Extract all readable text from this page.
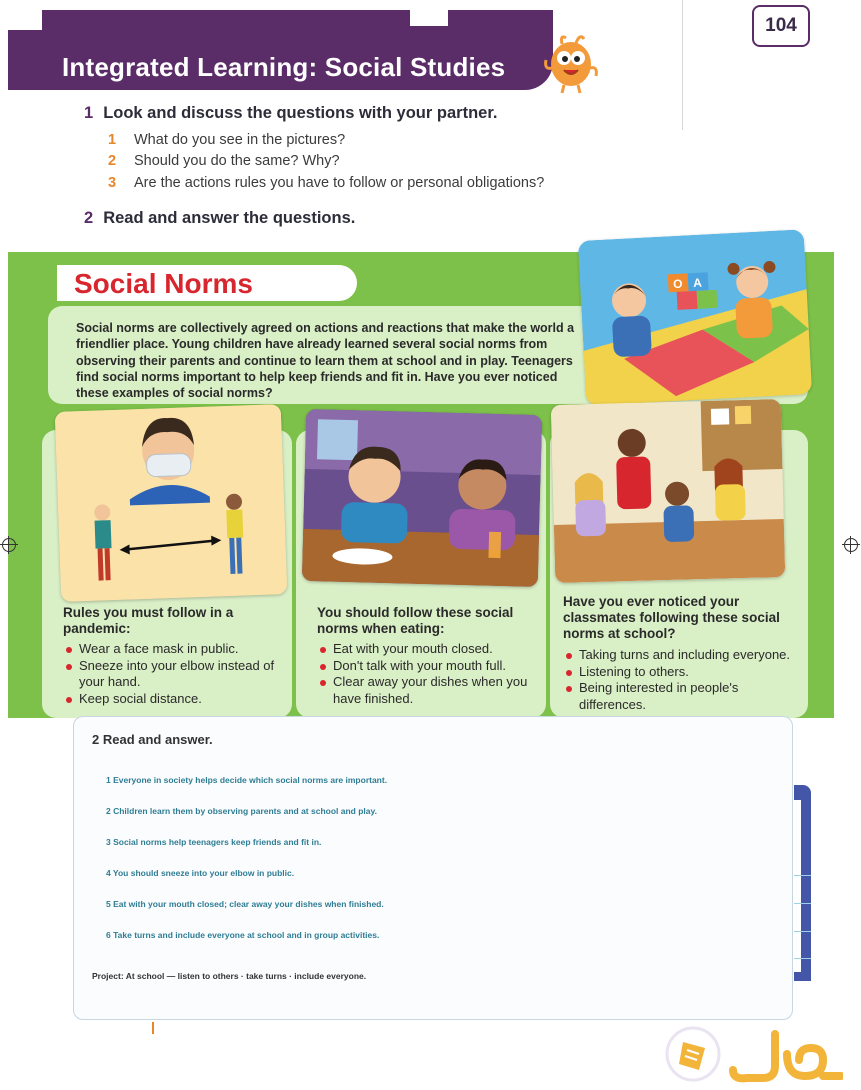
Integrated Learning: Social Studies
104
1 Look and discuss the questions with your partner.
1 What do you see in the pictures?
2 Should you do the same? Why?
3 Are the actions rules you have to follow or personal obligations?
2 Read and answer the questions.
Social Norms
Social norms are collectively agreed on actions and reactions that make the world a friendlier place. Young children have already learned several social norms from observing their parents and continue to learn them at school and in play. Teenagers find social norms important to help keep friends and fit in. Have you ever noticed these examples of social norms?
O A
Rules you must follow in a pandemic:
Wear a face mask in public.
Sneeze into your elbow instead of your hand.
Keep social distance.
You should follow these social norms when eating:
Eat with your mouth closed.
Don't talk with your mouth full.
Clear away your dishes when you have finished.
Have you ever noticed your classmates following these social norms at school?
Taking turns and including everyone.
Listening to others.
Being interested in people's differences.
2 Read and answer.
1 Everyone in society helps decide which social norms are important.
2 Children learn them by observing parents and at school and play.
3 Social norms help teenagers keep friends and fit in.
4 You should sneeze into your elbow in public.
5 Eat with your mouth closed; clear away your dishes when finished.
6 Take turns and include everyone at school and in group activities.
Project: At school — listen to others · take turns · include everyone.
